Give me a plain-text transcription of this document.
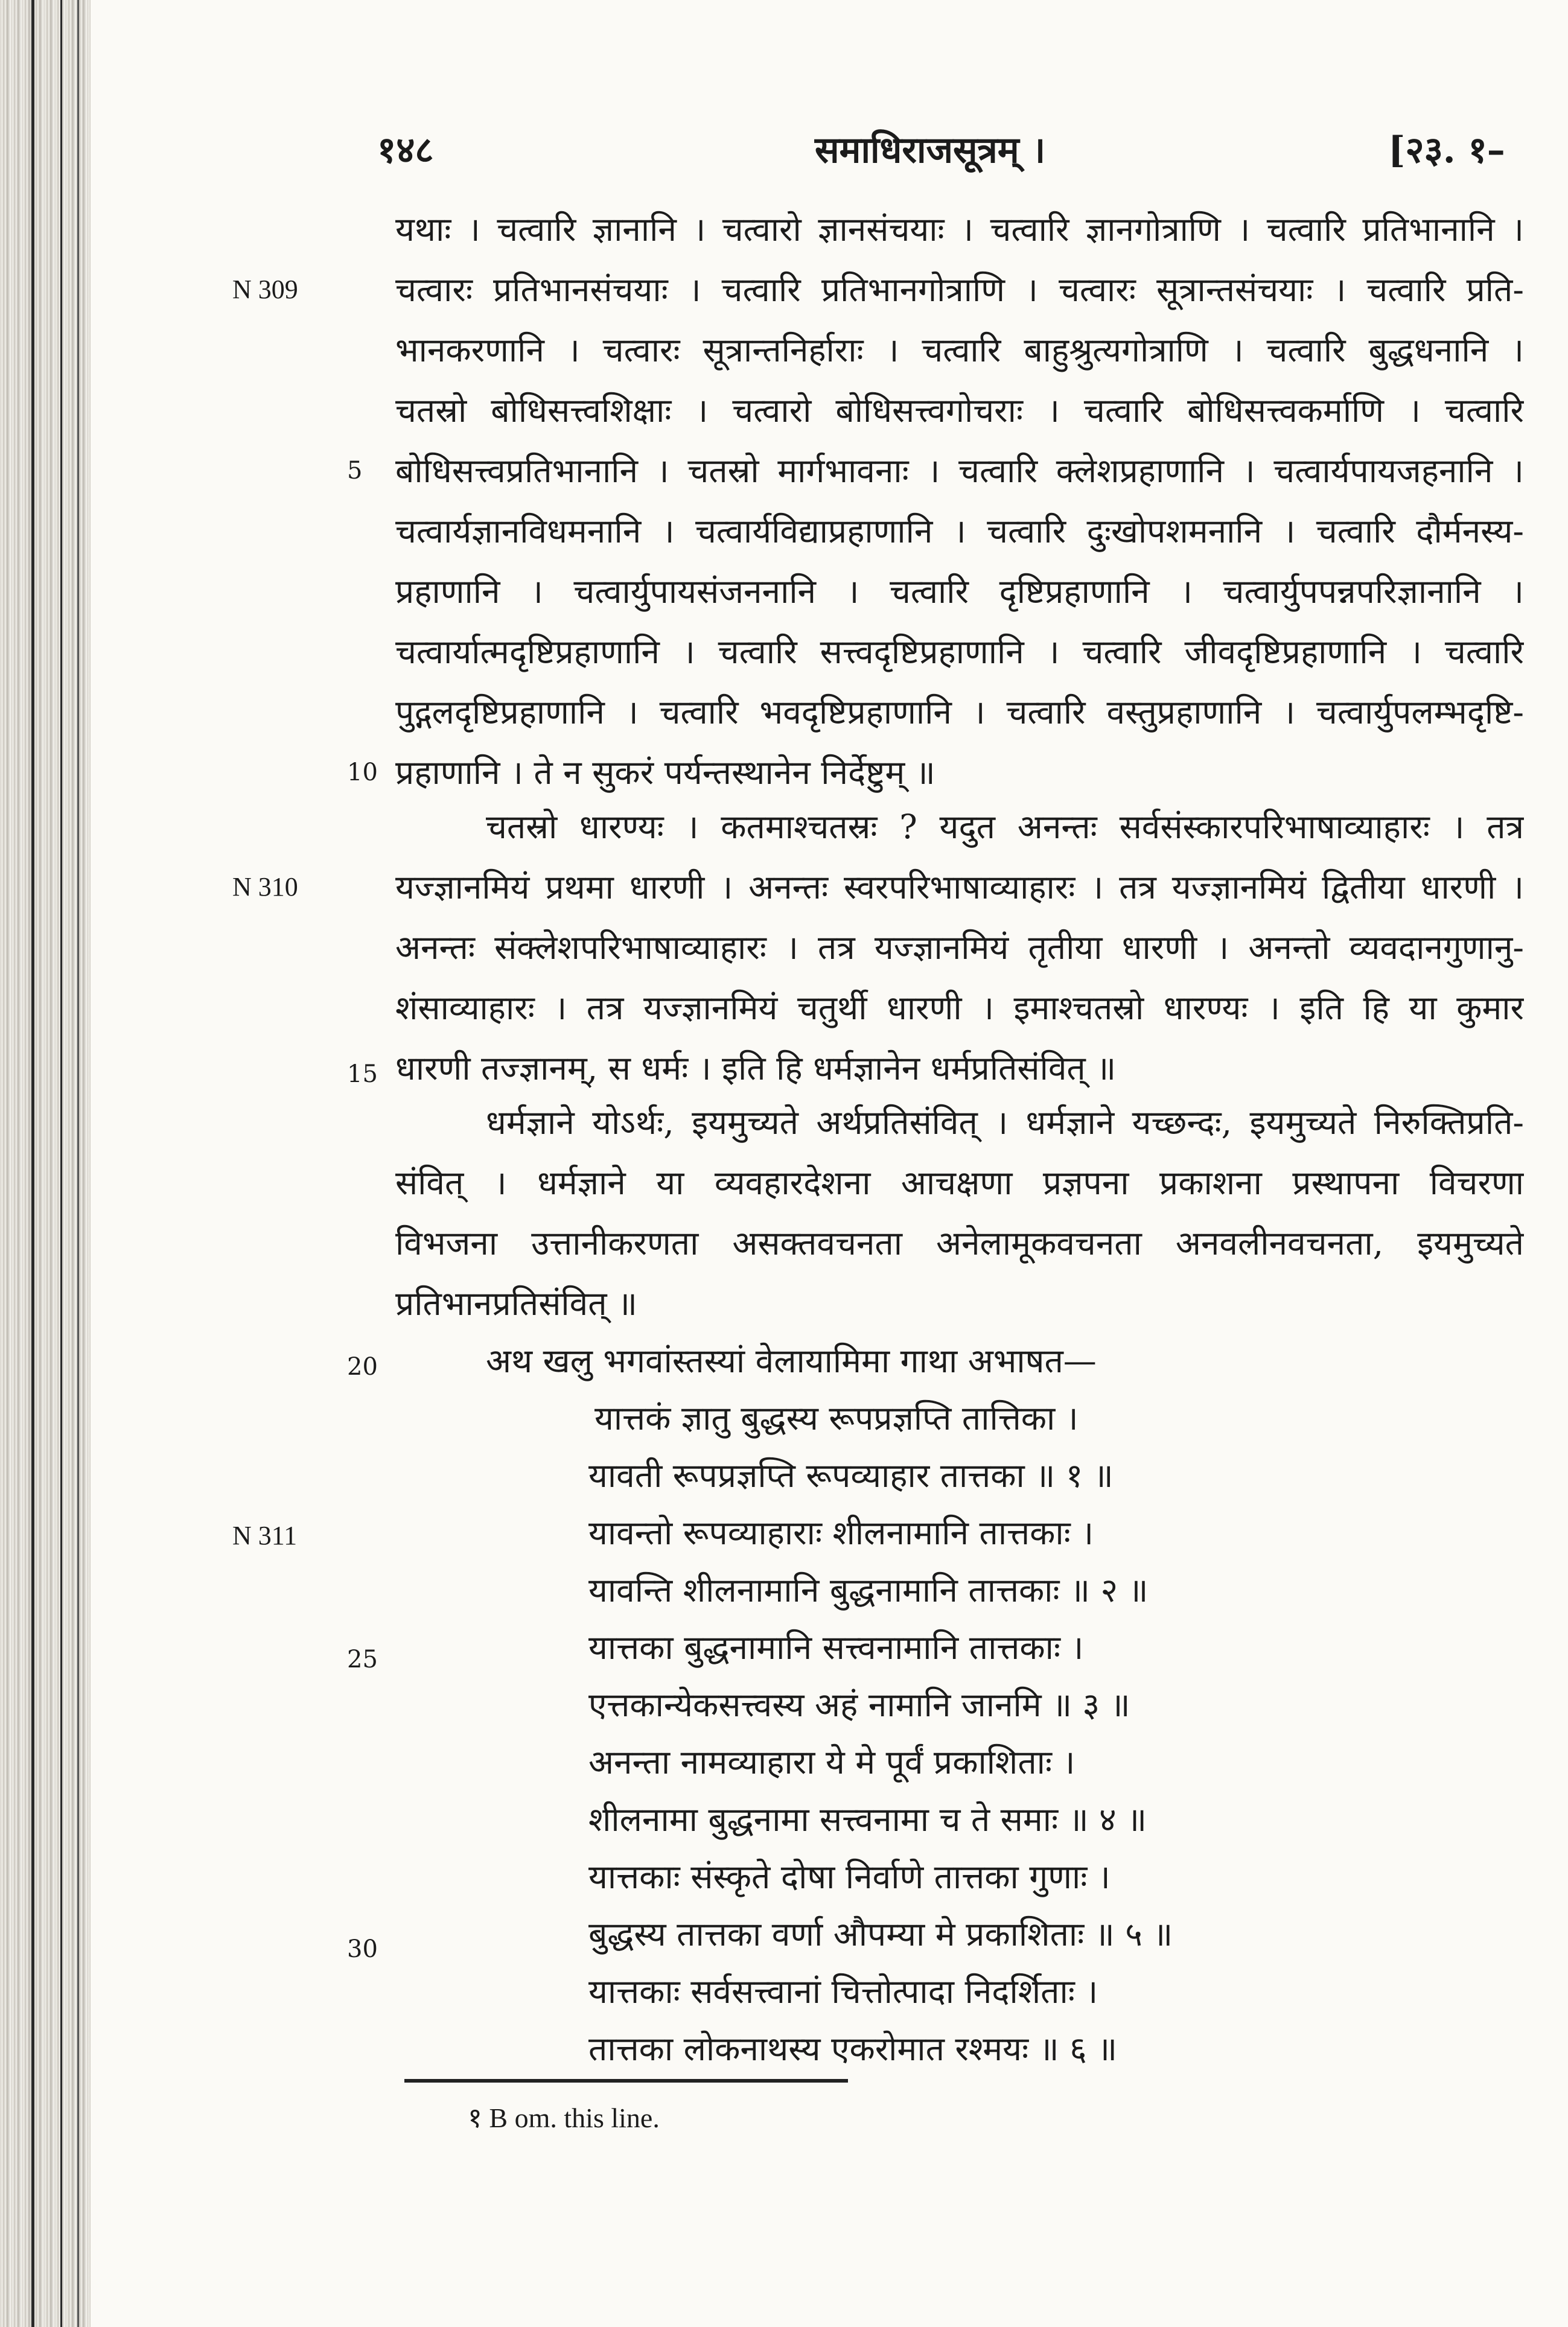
१४८	समाधिराजसूत्रम् ।	[२३. १–
N 309
N 310
N 311
5
10
15
20
25
30
यथाः । चत्वारि ज्ञानानि । चत्वारो ज्ञानसंचयाः । चत्वारि ज्ञानगोत्राणि । चत्वारि प्रतिभानानि ।
चत्वारः प्रतिभानसंचयाः । चत्वारि प्रतिभानगोत्राणि । चत्वारः सूत्रान्तसंचयाः । चत्वारि प्रति-
भानकरणानि । चत्वारः सूत्रान्तनिर्हाराः । चत्वारि बाहुश्रुत्यगोत्राणि । चत्वारि बुद्धधनानि ।
चतस्रो बोधिसत्त्वशिक्षाः । चत्वारो बोधिसत्त्वगोचराः । चत्वारि बोधिसत्त्वकर्माणि । चत्वारि
बोधिसत्त्वप्रतिभानानि । चतस्रो मार्गभावनाः । चत्वारि क्लेशप्रहाणानि । चत्वार्यपायजहनानि ।
चत्वार्यज्ञानविधमनानि । चत्वार्यविद्याप्रहाणानि । चत्वारि दुःखोपशमनानि । चत्वारि दौर्मनस्य-
प्रहाणानि । चत्वार्युपायसंजननानि । चत्वारि दृष्टिप्रहाणानि । चत्वार्युपपन्नपरिज्ञानानि ।
चत्वार्यात्मदृष्टिप्रहाणानि । चत्वारि सत्त्वदृष्टिप्रहाणानि । चत्वारि जीवदृष्टिप्रहाणानि । चत्वारि
पुद्गलदृष्टिप्रहाणानि । चत्वारि भवदृष्टिप्रहाणानि । चत्वारि वस्तुप्रहाणानि । चत्वार्युपलम्भदृष्टि-
प्रहाणानि । ते न सुकरं पर्यन्तस्थानेन निर्देष्टुम् ॥
चतस्रो धारण्यः । कतमाश्चतस्रः ? यदुत अनन्तः सर्वसंस्कारपरिभाषाव्याहारः । तत्र
यज्ज्ञानमियं प्रथमा धारणी । अनन्तः स्वरपरिभाषाव्याहारः । तत्र यज्ज्ञानमियं द्वितीया धारणी ।
अनन्तः संक्लेशपरिभाषाव्याहारः । तत्र यज्ज्ञानमियं तृतीया धारणी । अनन्तो व्यवदानगुणानु-
शंसाव्याहारः । तत्र यज्ज्ञानमियं चतुर्थी धारणी । इमाश्चतस्रो धारण्यः । इति हि या कुमार
धारणी तज्ज्ञानम्, स धर्मः । इति हि धर्मज्ञानेन धर्मप्रतिसंवित् ॥
धर्मज्ञाने योऽर्थः, इयमुच्यते अर्थप्रतिसंवित् । धर्मज्ञाने यच्छन्दः, इयमुच्यते निरुक्तिप्रति-
संवित् । धर्मज्ञाने या व्यवहारदेशना आचक्षणा प्रज्ञपना प्रकाशना प्रस्थापना विचरणा
विभजना उत्तानीकरणता असक्तवचनता अनेलामूकवचनता अनवलीनवचनता, इयमुच्यते
प्रतिभानप्रतिसंवित् ॥
अथ खलु भगवांस्तस्यां वेलायामिमा गाथा अभाषत—
यात्तकं ज्ञातु बुद्धस्य रूपप्रज्ञप्ति तात्तिका ।
यावती रूपप्रज्ञप्ति रूपव्याहार तात्तका ॥ १ ॥
यावन्तो रूपव्याहाराः शीलनामानि तात्तकाः ।
यावन्ति शीलनामानि बुद्धनामानि तात्तकाः ॥ २ ॥
यात्तका बुद्धनामानि सत्त्वनामानि तात्तकाः ।
एत्तकान्येकसत्त्वस्य अहं नामानि जानमि ॥ ३ ॥
अनन्ता नामव्याहारा ये मे पूर्वं प्रकाशिताः ।
शीलनामा बुद्धनामा सत्त्वनामा च ते समाः ॥ ४ ॥
यात्तकाः संस्कृते दोषा निर्वाणे तात्तका गुणाः ।
बुद्धस्य तात्तका वर्णा औपम्या मे प्रकाशिताः ॥ ५ ॥
यात्तकाः सर्वसत्त्वानां चित्तोत्पादा निदर्शिताः ।
तात्तका लोकनाथस्य एकरोमात रश्मयः ॥ ६ ॥
१ B om. this line.
